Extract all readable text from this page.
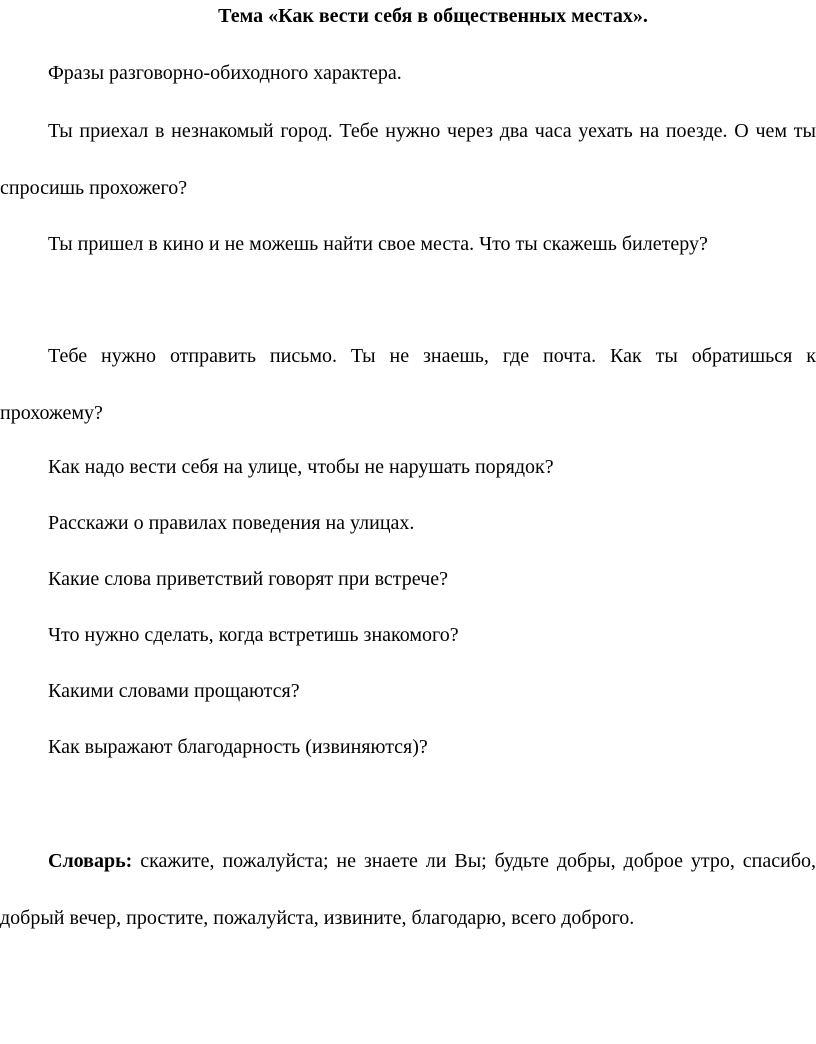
Тема «Как вести себя в общественных местах».

Фразы разговорно-обиходного характера.

Ты приехал в незнакомый город. Тебе нужно через два часа уехать на поезде. О чем ты спросишь прохожего?

Ты пришел в кино и не можешь найти свое места. Что ты скажешь билетеру?

Тебе нужно отправить письмо. Ты не знаешь, где почта. Как ты обратишься к прохожему?

Как надо вести себя на улице, чтобы не нарушать порядок?

Расскажи о правилах поведения на улицах.

Какие слова приветствий говорят при встрече?

Что нужно сделать, когда встретишь знакомого?

Какими словами прощаются?

Как выражают благодарность (извиняются)?

Словарь: скажите, пожалуйста; не знаете ли Вы; будьте добры, доброе утро, спасибо, добрый вечер, простите, пожалуйста, извините, благодарю, всего доброго.
